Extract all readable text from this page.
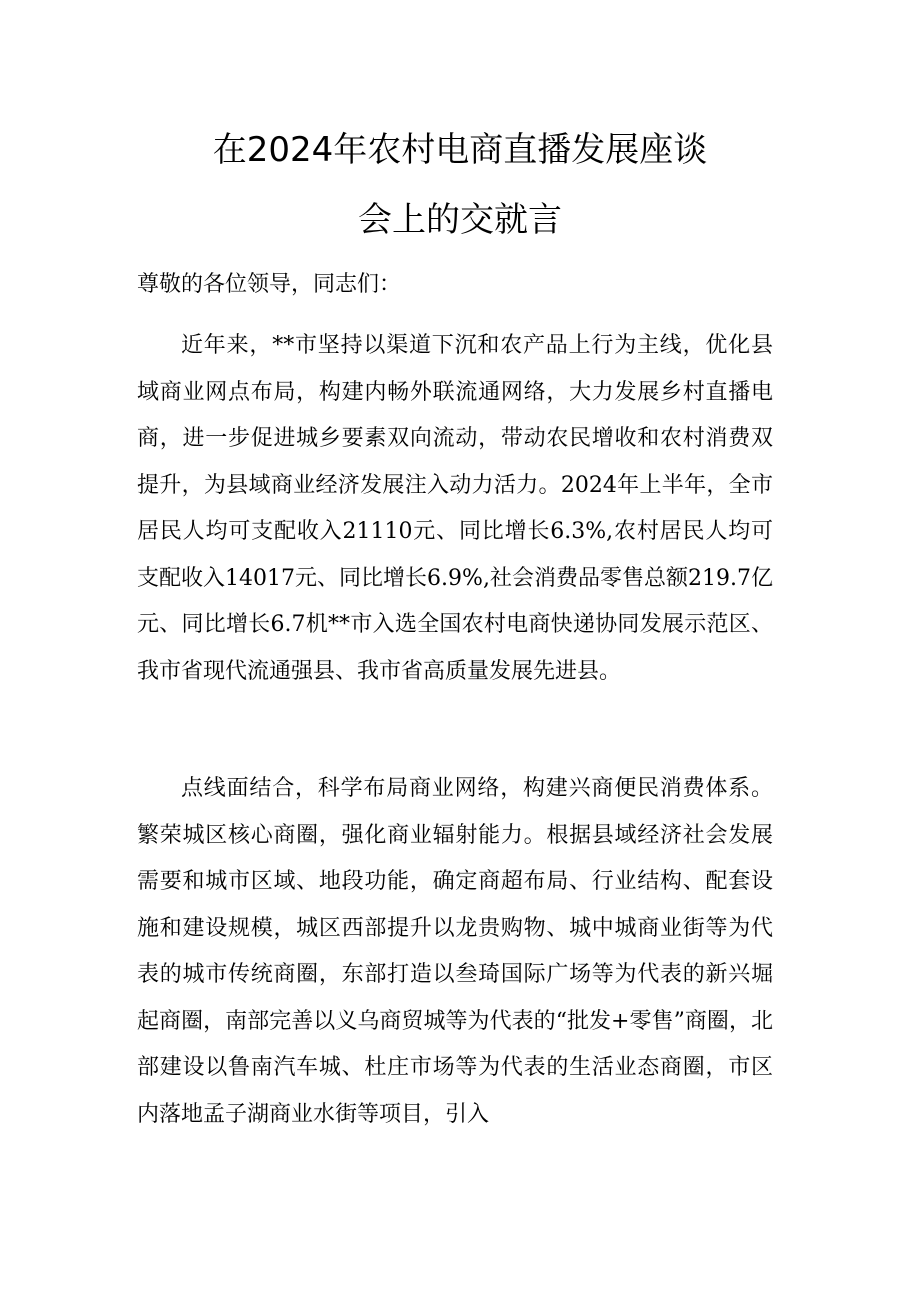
在2024年农村电商直播发展座谈
会上的交就言
尊敬的各位领导，同志们：

近年来，**市坚持以渠道下沉和农产品上行为主线，优化县域商业网点布局，构建内畅外联流通网络，大力发展乡村直播电商，进一步促进城乡要素双向流动，带动农民增收和农村消费双提升，为县域商业经济发展注入动力活力。2024年上半年，全市居民人均可支配收入21110元、同比增长6.3%,农村居民人均可支配收入14017元、同比增长6.9%,社会消费品零售总额219.7亿元、同比增长6.7机**市入选全国农村电商快递协同发展示范区、我市省现代流通强县、我市省高质量发展先进县。

点线面结合，科学布局商业网络，构建兴商便民消费体系。繁荣城区核心商圈，强化商业辐射能力。根据县域经济社会发展需要和城市区域、地段功能，确定商超布局、行业结构、配套设施和建设规模，城区西部提升以龙贵购物、城中城商业街等为代表的城市传统商圈，东部打造以叁琦国际广场等为代表的新兴堀起商圈，南部完善以义乌商贸城等为代表的“批发+零售”商圈，北部建设以鲁南汽车城、杜庄市场等为代表的生活业态商圈，市区内落地孟子湖商业水街等项目，引入
